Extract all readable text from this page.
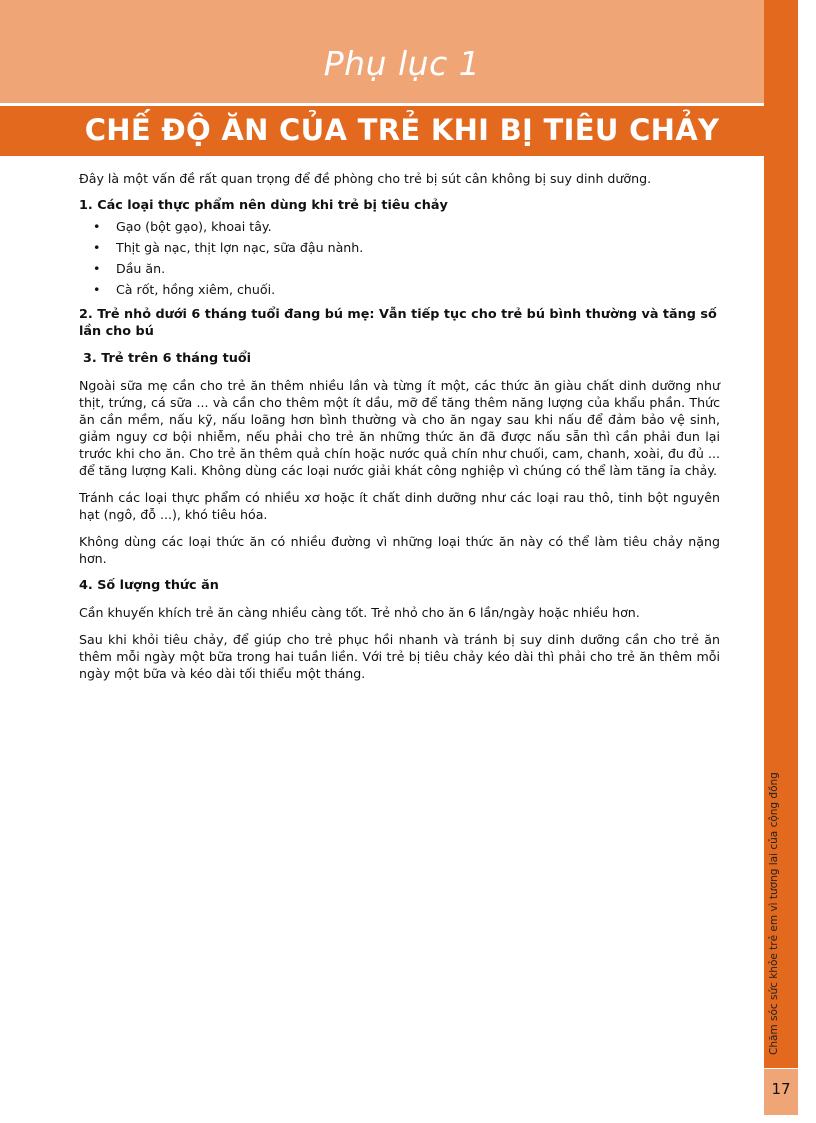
Phụ lục 1
CHẾ ĐỘ ĂN CỦA TRẺ KHI BỊ TIÊU CHẢY
Chăm sóc sức khỏe trẻ em vì tương lai của cộng đồng
17

Đây là một vấn đề rất quan trọng để đề phòng cho trẻ bị sút cân không bị suy dinh dưỡng.

1. Các loại thực phẩm nên dùng khi trẻ bị tiêu chảy
• Gạo (bột gạo), khoai tây.
• Thịt gà nạc, thịt lợn nạc, sữa đậu nành.
• Dầu ăn.
• Cà rốt, hồng xiêm, chuối.
2. Trẻ nhỏ dưới 6 tháng tuổi đang bú mẹ: Vẫn tiếp tục cho trẻ bú bình thường và tăng số lần cho bú
3. Trẻ trên 6 tháng tuổi

Ngoài sữa mẹ cần cho trẻ ăn thêm nhiều lần và từng ít một, các thức ăn giàu chất dinh dưỡng như thịt, trứng, cá sữa ... và cần cho thêm một ít dầu, mỡ để tăng thêm năng lượng của khẩu phần. Thức ăn cần mềm, nấu kỹ, nấu loãng hơn bình thường và cho ăn ngay sau khi nấu để đảm bảo vệ sinh, giảm nguy cơ bội nhiễm, nếu phải cho trẻ ăn những thức ăn đã được nấu sẵn thì cần phải đun lại trước khi cho ăn. Cho trẻ ăn thêm quả chín hoặc nước quả chín như chuối, cam, chanh, xoài, đu đủ ... để tăng lượng Kali. Không dùng các loại nước giải khát công nghiệp vì chúng có thể làm tăng ỉa chảy.

Tránh các loại thực phẩm có nhiều xơ hoặc ít chất dinh dưỡng như các loại rau thô, tinh bột nguyên hạt (ngô, đỗ ...), khó tiêu hóa.

Không dùng các loại thức ăn có nhiều đường vì những loại thức ăn này có thể làm tiêu chảy nặng hơn.

4. Số lượng thức ăn

Cần khuyến khích trẻ ăn càng nhiều càng tốt. Trẻ nhỏ cho ăn 6 lần/ngày hoặc nhiều hơn.

Sau khi khỏi tiêu chảy, để giúp cho trẻ phục hồi nhanh và tránh bị suy dinh dưỡng cần cho trẻ ăn thêm mỗi ngày một bữa trong hai tuần liền. Với trẻ bị tiêu chảy kéo dài thì phải cho trẻ ăn thêm mỗi ngày một bữa và kéo dài tối thiểu một tháng.
